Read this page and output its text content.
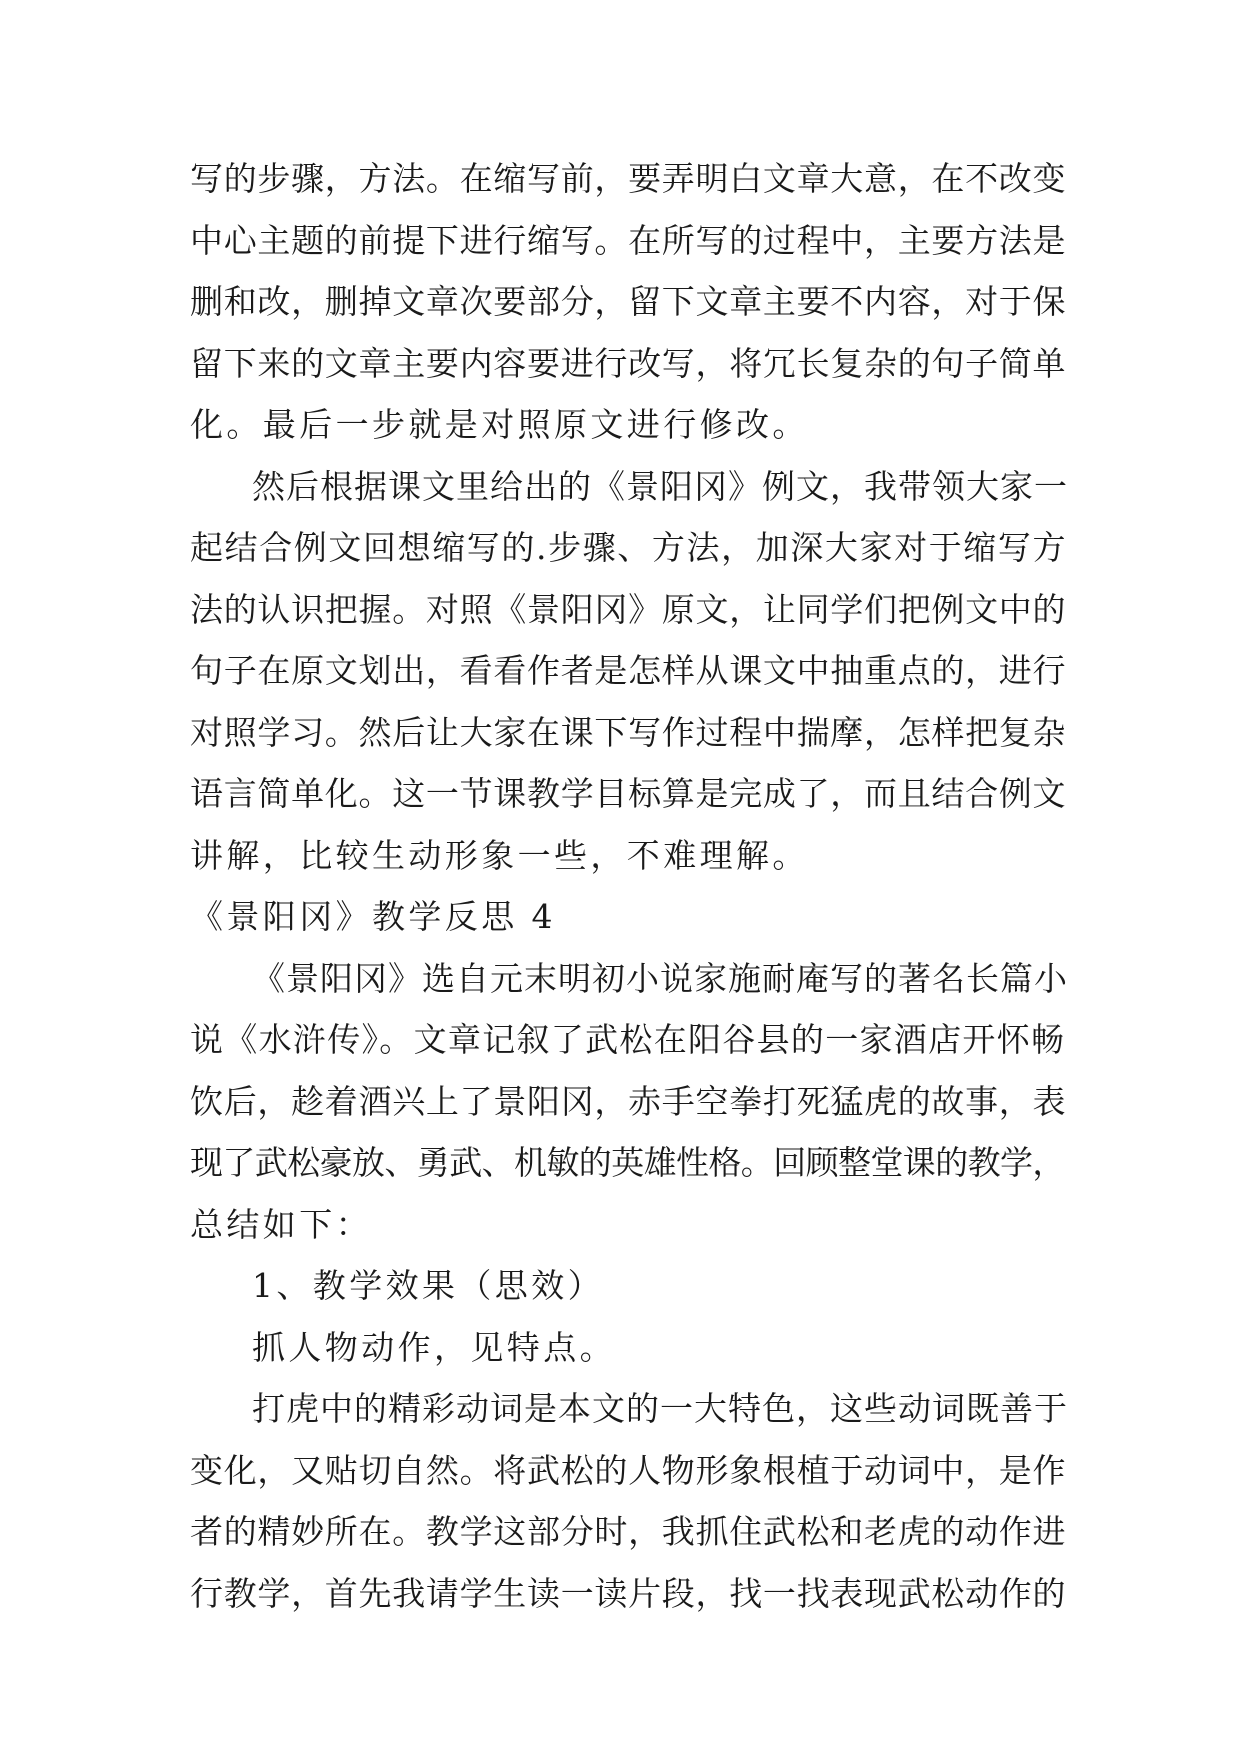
写的步骤，方法。在缩写前，要弄明白文章大意，在不改变
中心主题的前提下进行缩写。在所写的过程中，主要方法是
删和改，删掉文章次要部分，留下文章主要不内容，对于保
留下来的文章主要内容要进行改写，将冗长复杂的句子简单
化。最后一步就是对照原文进行修改。
然后根据课文里给出的《景阳冈》例文，我带领大家一
起结合例文回想缩写的.步骤、方法，加深大家对于缩写方
法的认识把握。对照《景阳冈》原文，让同学们把例文中的
句子在原文划出，看看作者是怎样从课文中抽重点的，进行
对照学习。然后让大家在课下写作过程中揣摩，怎样把复杂
语言简单化。这一节课教学目标算是完成了，而且结合例文
讲解，比较生动形象一些，不难理解。
《景阳冈》教学反思 4
《景阳冈》选自元末明初小说家施耐庵写的著名长篇小
说《水浒传》。文章记叙了武松在阳谷县的一家酒店开怀畅
饮后，趁着酒兴上了景阳冈，赤手空拳打死猛虎的故事，表
现了武松豪放、勇武、机敏的英雄性格。回顾整堂课的教学，
总结如下：
1、教学效果（思效）
抓人物动作，见特点。
打虎中的精彩动词是本文的一大特色，这些动词既善于
变化，又贴切自然。将武松的人物形象根植于动词中，是作
者的精妙所在。教学这部分时，我抓住武松和老虎的动作进
行教学，首先我请学生读一读片段，找一找表现武松动作的
